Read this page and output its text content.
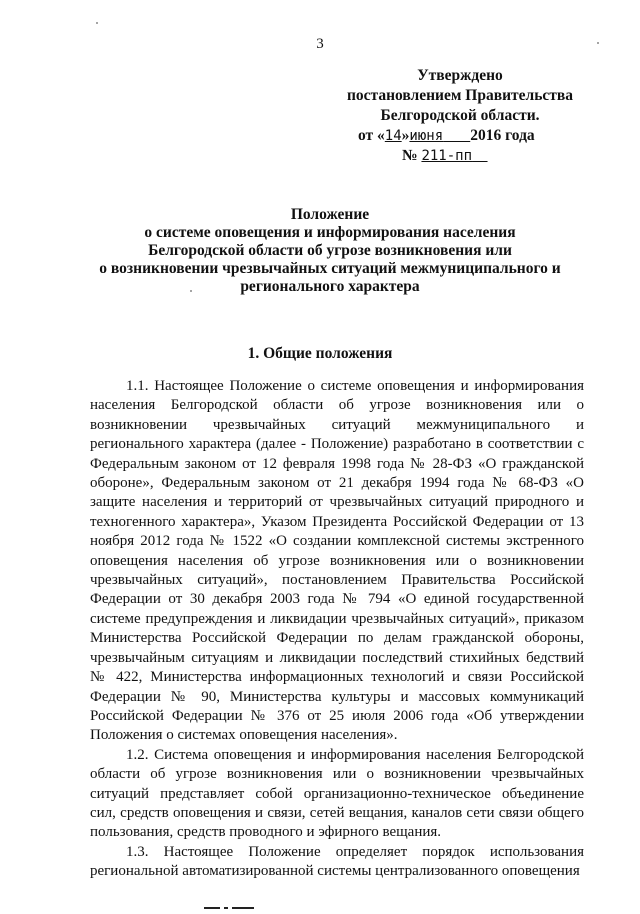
3
Утверждено
постановлением Правительства
Белгородской области.
от «14»июня 2016 года
№ 211-пп
Положение
о системе оповещения и информирования населения
Белгородской области об угрозе возникновения или
о возникновении чрезвычайных ситуаций межмуниципального и
регионального характера
1. Общие положения

1.1. Настоящее Положение о системе оповещения и информирования населения Белгородской области об угрозе возникновения или о возникновении чрезвычайных ситуаций межмуниципального и регионального характера (далее - Положение) разработано в соответствии с Федеральным законом от 12 февраля 1998 года № 28-ФЗ «О гражданской обороне», Федеральным законом от 21 декабря 1994 года № 68-ФЗ «О защите населения и территорий от чрезвычайных ситуаций природного и техногенного характера», Указом Президента Российской Федерации от 13 ноября 2012 года № 1522 «О создании комплексной системы экстренного оповещения населения об угрозе возникновения или о возникновении чрезвычайных ситуаций», постановлением Правительства Российской Федерации от 30 декабря 2003 года № 794 «О единой государственной системе предупреждения и ликвидации чрезвычайных ситуаций», приказом Министерства Российской Федерации по делам гражданской обороны, чрезвычайным ситуациям и ликвидации последствий стихийных бедствий № 422, Министерства информационных технологий и связи Российской Федерации № 90, Министерства культуры и массовых коммуникаций Российской Федерации № 376 от 25 июля 2006 года «Об утверждении Положения о системах оповещения населения».

1.2. Система оповещения и информирования населения Белгородской области об угрозе возникновения или о возникновении чрезвычайных ситуаций представляет собой организационно-техническое объединение сил, средств оповещения и связи, сетей вещания, каналов сети связи общего пользования, средств проводного и эфирного вещания.

1.3. Настоящее Положение определяет порядок использования региональной автоматизированной системы централизованного оповещения
